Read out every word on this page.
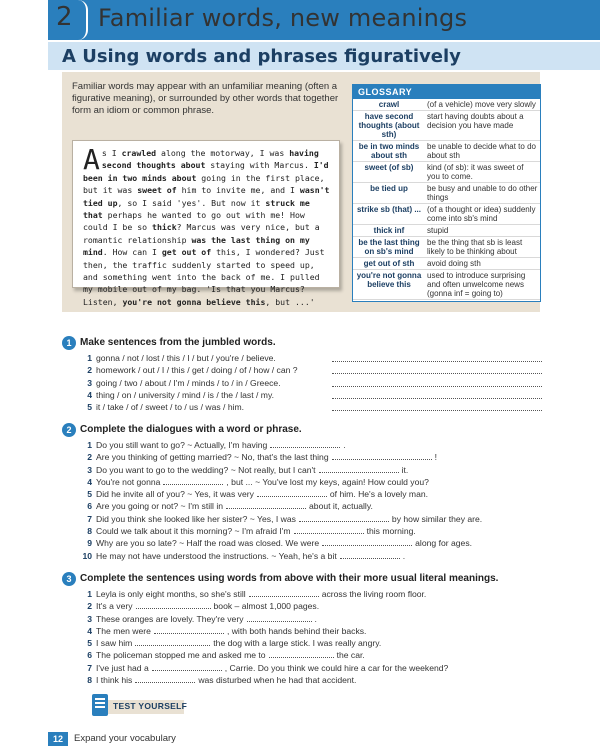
2 Familiar words, new meanings
A Using words and phrases figuratively

Familiar words may appear with an unfamiliar meaning (often a figurative meaning), or surrounded by other words that together form an idiom or common phrase.

A s I crawled along the motorway, I was having second thoughts about staying with Marcus. I'd been in two minds about going in the first place, but it was sweet of him to invite me, and I wasn't tied up, so I said 'yes'. But now it struck me that perhaps he wanted to go out with me! How could I be so thick? Marcus was very nice, but a romantic relationship was the last thing on my mind. How can I get out of this, I wondered? Just then, the traffic suddenly started to speed up, and something went into the back of me. I pulled my mobile out of my bag. 'Is that you Marcus? Listen, you're not gonna believe this, but ...'
GLOSSARY
crawl	(of a vehicle) move very slowly
have second thoughts (about sth)	start having doubts about a decision you have made
be in two minds about sth	be unable to decide what to do about sth
sweet (of sb)	kind (of sb): it was sweet of you to come.
be tied up	be busy and unable to do other things
strike sb (that) ...	(of a thought or idea) suddenly come into sb's mind
thick inf	stupid
be the last thing on sb's mind	be the thing that sb is least likely to be thinking about
get out of sth	avoid doing sth
you're not gonna believe this	used to introduce surprising and often unwelcome news (gonna inf = going to)
1 Make sentences from the jumbled words.
1 gonna / not / lost / this / I / but / you're / believe.
2 homework / out / I / this / get / doing / of / how / can ?
3 going / two / about / I'm / minds / to / in / Greece.
4 thing / on / university / mind / is / the / last / my.
5 it / take / of / sweet / to / us / was / him.
2 Complete the dialogues with a word or phrase.
1 Do you still want to go? ~ Actually, I'm having	.
2 Are you thinking of getting married? ~ No, that's the last thing	!
3 Do you want to go to the wedding? ~ Not really, but I can't	it.
4 You're not gonna	, but ... ~ You've lost my keys, again! How could you?
5 Did he invite all of you? ~ Yes, it was very	of him. He's a lovely man.
6 Are you going or not? ~ I'm still in	about it, actually.
7 Did you think she looked like her sister? ~ Yes, I was	by how similar they are.
8 Could we talk about it this morning? ~ I'm afraid I'm	this morning.
9 Why are you so late? ~ Half the road was closed. We were	along for ages.
10 He may not have understood the instructions. ~ Yeah, he's a bit	.
3 Complete the sentences using words from above with their more usual literal meanings.
1 Leyla is only eight months, so she's still	across the living room floor.
2 It's a very	book – almost 1,000 pages.
3 These oranges are lovely. They're very	.
4 The men were	, with both hands behind their backs.
5 I saw him	the dog with a large stick. I was really angry.
6 The policeman stopped me and asked me to	the car.
7 I've just had a	, Carrie. Do you think we could hire a car for the weekend?
8 I think his	was disturbed when he had that accident.
TEST YOURSELF
12	Expand your vocabulary
